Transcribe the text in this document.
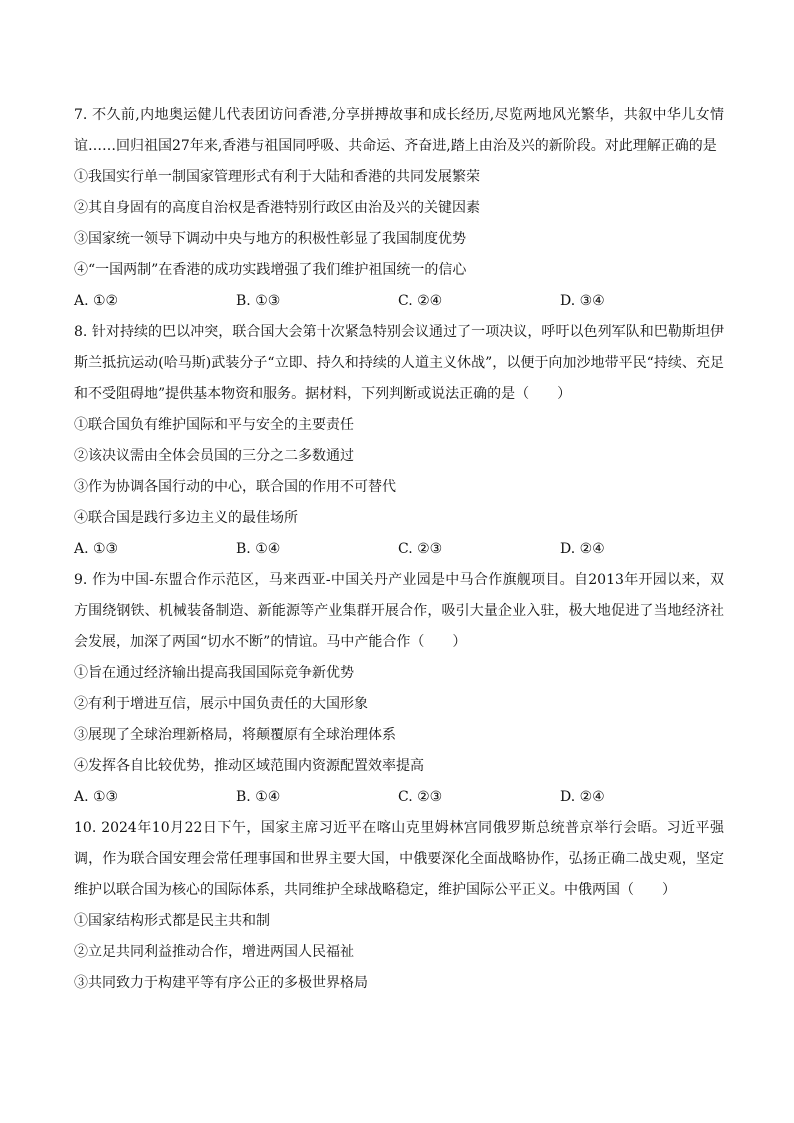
7. 不久前,内地奥运健儿代表团访问香港,分享拼搏故事和成长经历,尽览两地风光繁华，共叙中华儿女情谊……回归祖国27年来,香港与祖国同呼吸、共命运、齐奋进,踏上由治及兴的新阶段。对此理解正确的是

①我国实行单一制国家管理形式有利于大陆和香港的共同发展繁荣

②其自身固有的高度自治权是香港特别行政区由治及兴的关键因素

③国家统一领导下调动中央与地方的积极性彰显了我国制度优势

④“一国两制”在香港的成功实践增强了我们维护祖国统一的信心

A. ①②	B. ①③	C. ②④	D. ③④

8. 针对持续的巴以冲突，联合国大会第十次紧急特别会议通过了一项决议，呼吁以色列军队和巴勒斯坦伊斯兰抵抗运动(哈马斯)武装分子“立即、持久和持续的人道主义休战”，以便于向加沙地带平民“持续、充足和不受阻碍地”提供基本物资和服务。据材料，下列判断或说法正确的是（　　）

①联合国负有维护国际和平与安全的主要责任

②该决议需由全体会员国的三分之二多数通过

③作为协调各国行动的中心，联合国的作用不可替代

④联合国是践行多边主义的最佳场所

A. ①③	B. ①④	C. ②③	D. ②④

9. 作为中国-东盟合作示范区，马来西亚-中国关丹产业园是中马合作旗舰项目。自2013年开园以来，双方围绕钢铁、机械装备制造、新能源等产业集群开展合作，吸引大量企业入驻，极大地促进了当地经济社会发展，加深了两国“切水不断”的情谊。马中产能合作（　　）

①旨在通过经济输出提高我国国际竞争新优势

②有利于增进互信，展示中国负责任的大国形象

③展现了全球治理新格局，将颠覆原有全球治理体系

④发挥各自比较优势，推动区域范围内资源配置效率提高

A. ①③	B. ①④	C. ②③	D. ②④

10. 2024年10月22日下午，国家主席习近平在喀山克里姆林宫同俄罗斯总统普京举行会晤。习近平强调，作为联合国安理会常任理事国和世界主要大国，中俄要深化全面战略协作，弘扬正确二战史观，坚定维护以联合国为核心的国际体系，共同维护全球战略稳定，维护国际公平正义。中俄两国（　　）

①国家结构形式都是民主共和制

②立足共同利益推动合作，增进两国人民福祉

③共同致力于构建平等有序公正的多极世界格局
